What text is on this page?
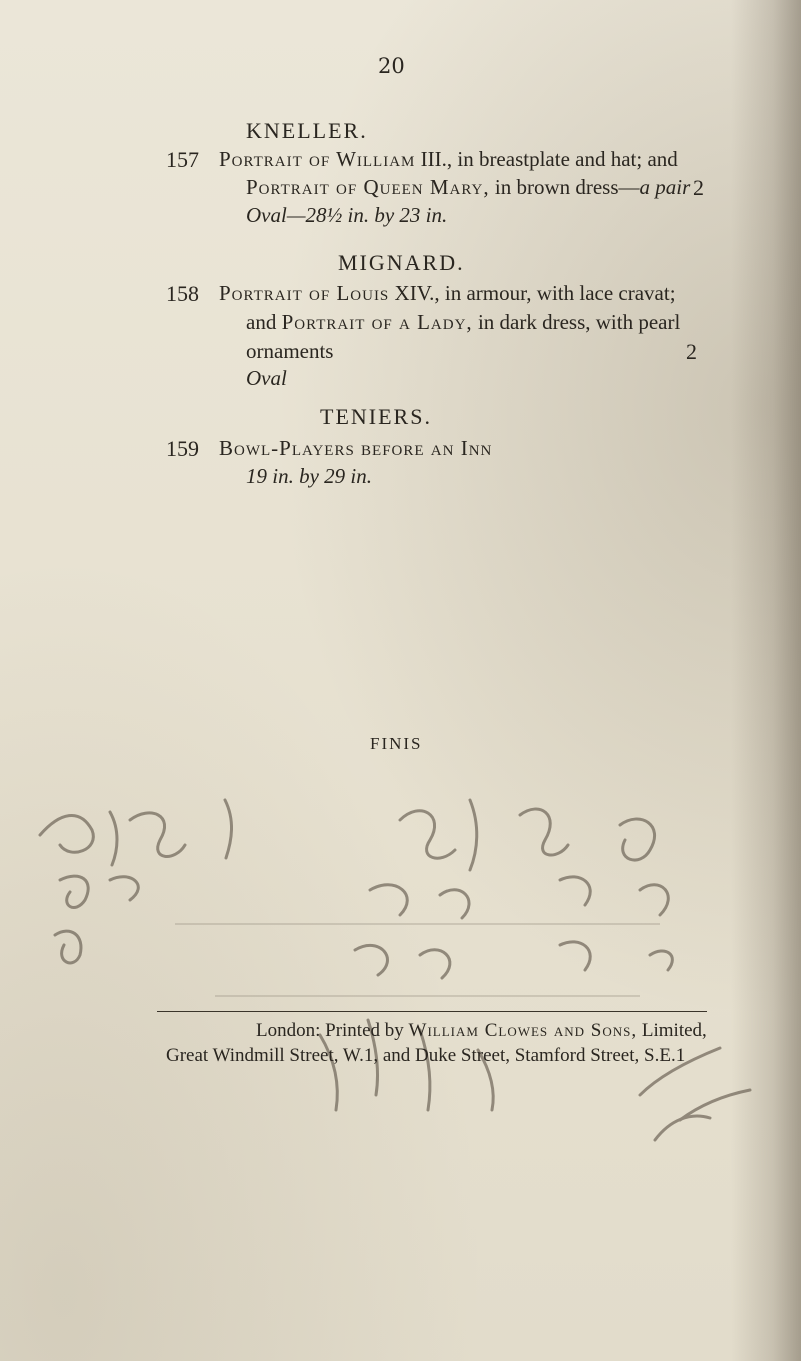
20
KNELLER.
157 Portrait of William III., in breastplate and hat; and
Portrait of Queen Mary, in brown dress—a pair
Oval—28½ in. by 23 in.
2
MIGNARD.
158 Portrait of Louis XIV., in armour, with lace cravat;
and Portrait of a Lady, in dark dress, with pearl
ornaments
Oval
2
TENIERS.
159 Bowl-Players before an Inn
19 in. by 29 in.
FINIS
London: Printed by William Clowes and Sons, Limited,
Great Windmill Street, W.1, and Duke Street, Stamford Street, S.E.1
